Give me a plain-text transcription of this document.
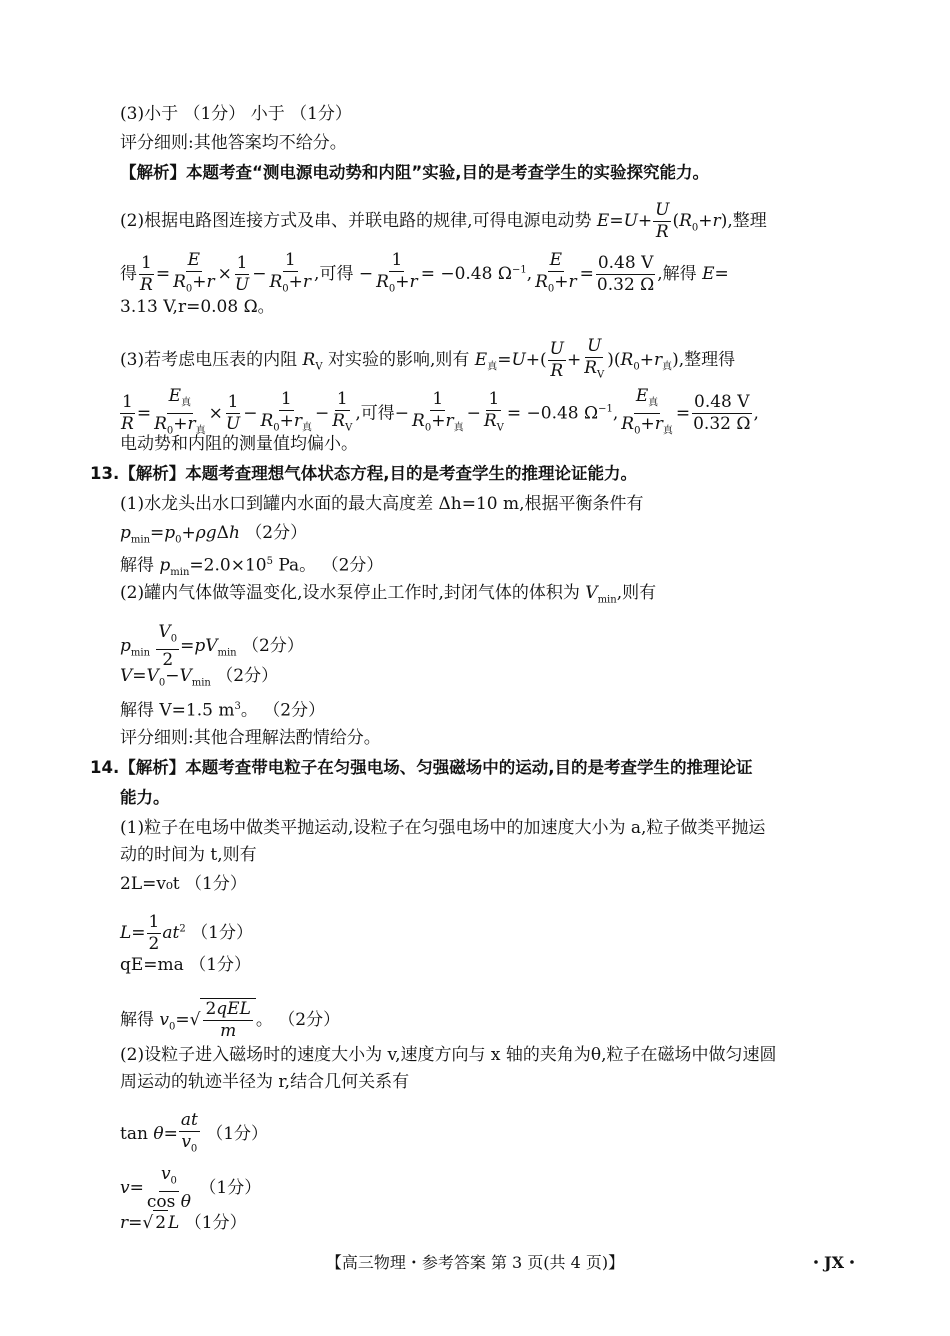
(3)小于 （1分） 小于 （1分）
评分细则:其他答案均不给分。
【解析】本题考查“测电源电动势和内阻”实验,目的是考查学生的实验探究能力。
(2)根据电路图连接方式及串、并联电路的规律,可得电源电动势 $E=U+ \frac{U}{R} (R_0+r)$,整理
得 $\frac{1}{R} = \frac{E}{R_0+r} \times \frac{1}{U} - \frac{1}{R_0+r}$ ,可得 − $\frac{1}{R_0+r} = -0.48$ $\Omega^{-1}$, $\frac{E}{R_0+r} = \frac{0.48 V}{0.32 \Omega}$ ,解得 E=
3.13 V,r=0.08 Ω。
(3)若考虑电压表的内阻 $R_V$ 对实验的影响,则有 $E_真=U+( \frac{U}{R} + \frac{U}{R_V} )(R_0+r_真)$,整理得
$\frac{1}{R}$ =
$E_真$
$R_0+r_真$
× $\frac{1}{U}$ −
1
$R_0+r_真$
− $\frac{1}{R_V}$ ,可得−
1
$R_0+r_真$
− $\frac{1}{R_V} = -0.48$ $\Omega^{-1}$,
$E_真$
$R_0+r_真$
= $\frac{0.48 V}{0.32 \Omega}$ ,
电动势和内阻的测量值均偏小。
13.【解析】本题考查理想气体状态方程,目的是考查学生的推理论证能力。
(1)水龙头出水口到罐内水面的最大高度差 Δh=10 m,根据平衡条件有
$p_{min}=p_0+\rho g\Delta h$ （2分）
解得 $p_{min}=2.0\times 10^5$ Pa。 （2分）
(2)罐内气体做等温变化,设水泵停止工作时,封闭气体的体积为 $V_{min}$,则有
$p_{min} \frac{V_0}{2} =pV_{min}$ （2分）
$V=V_0-V_{min}$ （2分）
解得 V=1.5 $m^3$。 （2分）
评分细则:其他合理解法酌情给分。
14.【解析】本题考查带电粒子在匀强电场、匀强磁场中的运动,目的是考查学生的推理论证
能力。
(1)粒子在电场中做类平抛运动,设粒子在匀强电场中的加速度大小为 a,粒子做类平抛运
动的时间为 t,则有
2L=v₀t （1分）
$L= \frac{1}{2} at^2$ （1分）
qE=ma （1分）
解得 $v_0=√$
2qEL
m
。 （2分）
(2)设粒子进入磁场时的速度大小为 v,速度方向与 x 轴的夹角为θ,粒子在磁场中做匀速圆
周运动的轨迹半径为 r,结合几何关系有
$\tan \theta= \frac{at}{v_0} (1$分）
$v= \frac{v_0}{\text{cos θ}} (1$分）
r=√ 2 L （1分）
【高三物理・参考答案 第 3 页(共 4 页)】	・JX・
